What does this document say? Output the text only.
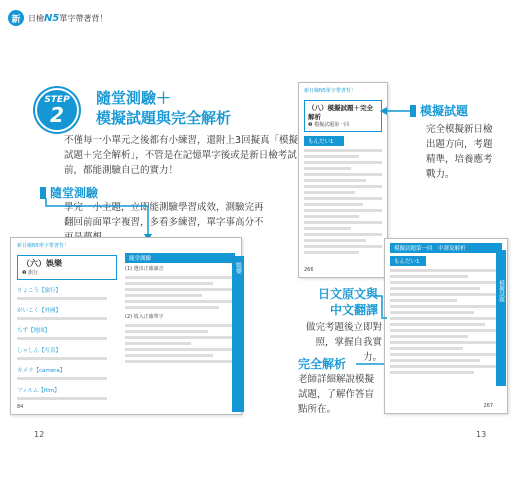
新 日檢N5單字帶著背！
STEP
2
隨堂測驗＋
模擬試題與完全解析
不僅每一小單元之後都有小練習，還附上3回擬真「模擬試題＋完全解析」，不管是在記憶單字後或是新日檢考試前，都能測驗自己的實力！
隨堂測驗
學完一小主題，立即能測驗學習成效，測驗完再翻回前面單字複習，多看多練習，單字事高分不
新日檢N5單字帶著背！
（六）娛樂
❶ 旅行
りょこう【旅行】
がいこく【外國】
ちず【地図】
しゃしん【写真】
カメラ【camera】
フィルム【film】
隨堂測驗
(1) 選出正確讀音
(2) 填入正確單字
84
娛樂
新日檢N5單字帶著背！
（八）模擬試題＋完全解析
❶ 模擬試題第一回
もんだい1
266
模擬試題
完全模擬新日檢出題方向，考題精準，培養應考戰力。
模擬試題第一回　中譯及解析
もんだい1
267
模擬試題
日文原文與
中文翻譯
做完考題後立即對照，掌握自我實力。
完全解析
老師詳細解說模擬試題，了解作答盲點所在。
12	13
